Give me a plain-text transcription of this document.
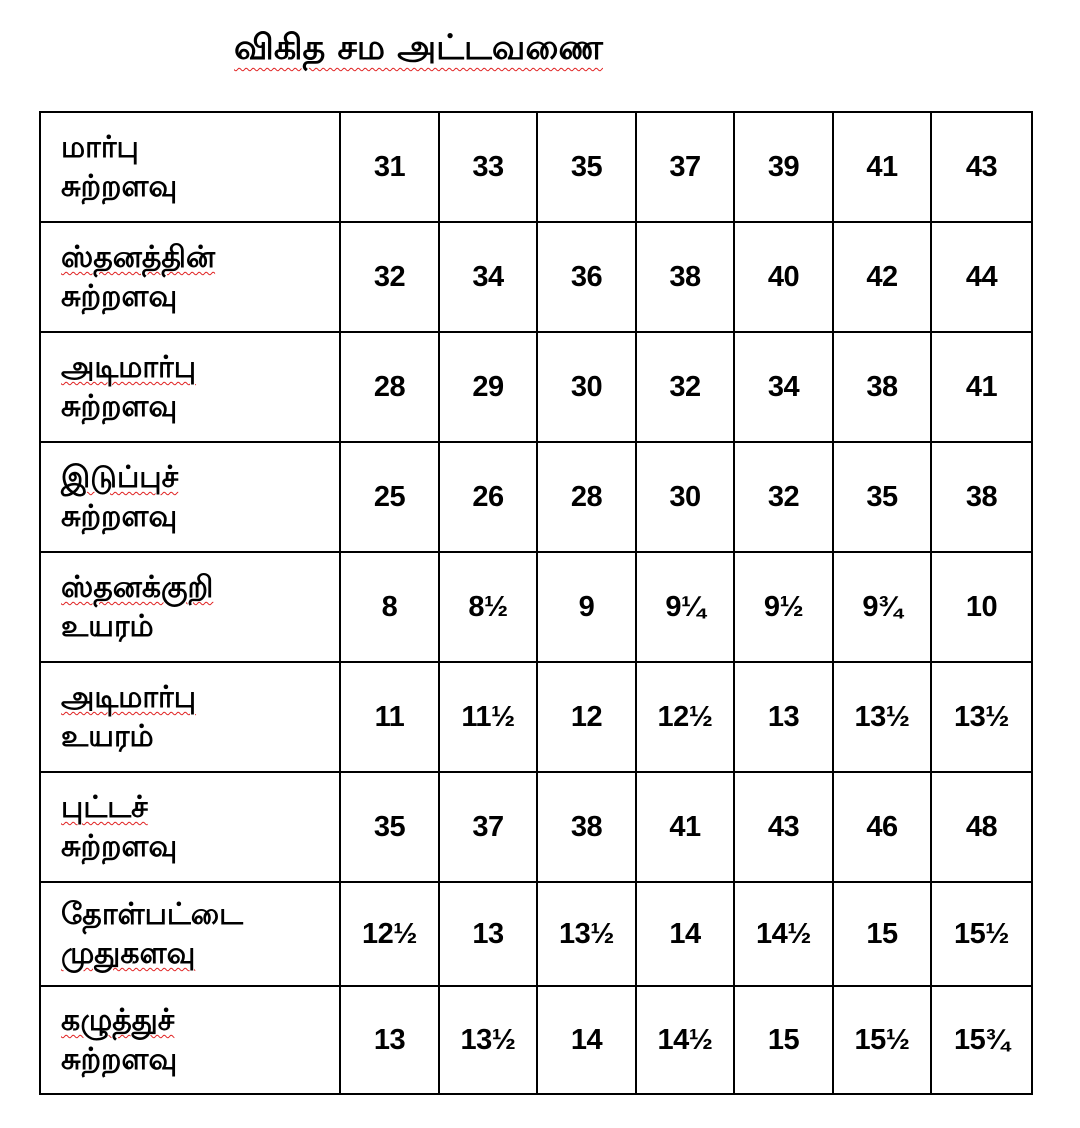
விகித சம அட்டவணை
மார்பு
சுற்றளவு	31	33	35	37	39	41	43

ஸ்தனத்தின்
சுற்றளவு	32	34	36	38	40	42	44

அடிமார்பு
சுற்றளவு	28	29	30	32	34	38	41

இடுப்புச்
சுற்றளவு	25	26	28	30	32	35	38

ஸ்தனக்குறி
உயரம்	8	8½	9	9¼	9½	9¾	10

அடிமார்பு
உயரம்	11	11½	12	12½	13	13½	13½

புட்டச்
சுற்றளவு	35	37	38	41	43	46	48

தோள்பட்டை
முதுகளவு	12½	13	13½	14	14½	15	15½

கழுத்துச்
சுற்றளவு	13	13½	14	14½	15	15½	15¾
